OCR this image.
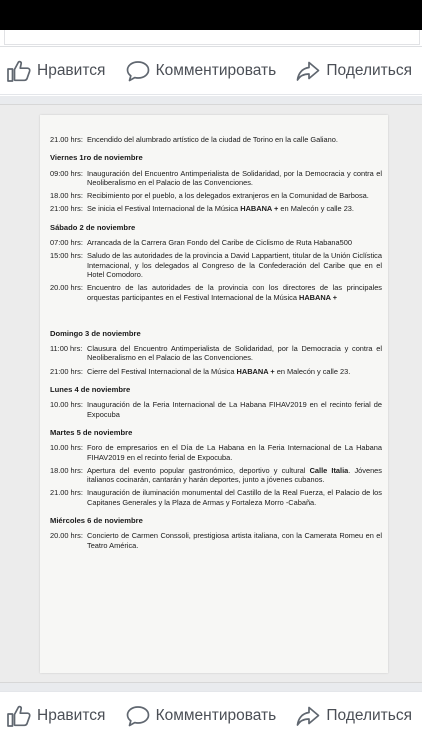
Нравится	Комментировать	Поделиться
21.00 hrs: Encendido del alumbrado artístico de la ciudad de Torino en la calle Galiano.
Viernes 1ro de noviembre
09:00 hrs: Inauguración del Encuentro Antimperialista de Solidaridad, por la Democracia y contra el Neoliberalismo en el Palacio de las Convenciones.
18.00 hrs: Recibimiento por el pueblo, a los delegados extranjeros en la Comunidad de Barbosa.
21:00 hrs: Se inicia el Festival Internacional de la Música HABANA + en Malecón y calle 23.
Sábado 2 de noviembre
07:00 hrs: Arrancada de la Carrera Gran Fondo del Caribe de Ciclismo de Ruta Habana500
15:00 hrs: Saludo de las autoridades de la provincia a David Lappartient, titular de la Unión Ciclística Internacional, y los delegados al Congreso de la Confederación del Caribe que en el Hotel Comodoro.
20.00 hrs: Encuentro de las autoridades de la provincia con los directores de las principales orquestas participantes en el Festival Internacional de la Música HABANA +
Domingo 3 de noviembre
11:00 hrs: Clausura del Encuentro Antimperialista de Solidaridad, por la Democracia y contra el Neoliberalismo en el Palacio de las Convenciones.
21:00 hrs: Cierre del Festival Internacional de la Música HABANA + en Malecón y calle 23.
Lunes 4 de noviembre
10.00 hrs: Inauguración de la Feria Internacional de La Habana FIHAV2019 en el recinto ferial de Expocuba
Martes 5 de noviembre
10.00 hrs: Foro de empresarios en el Día de La Habana en la Feria Internacional de La Habana FIHAV2019 en el recinto ferial de Expocuba.
18.00 hrs: Apertura del evento popular gastronómico, deportivo y cultural Calle Italia. Jóvenes italianos cocinarán, cantarán y harán deportes, junto a jóvenes cubanos.
21.00 hrs: Inauguración de iluminación monumental del Castillo de la Real Fuerza, el Palacio de los Capitanes Generales y la Plaza de Armas y Fortaleza Morro -Cabaña.
Miércoles 6 de noviembre
20.00 hrs: Concierto de Carmen Conssoli, prestigiosa artista italiana, con la Camerata Romeu en el Teatro América.
Нравится	Комментировать	Поделиться
